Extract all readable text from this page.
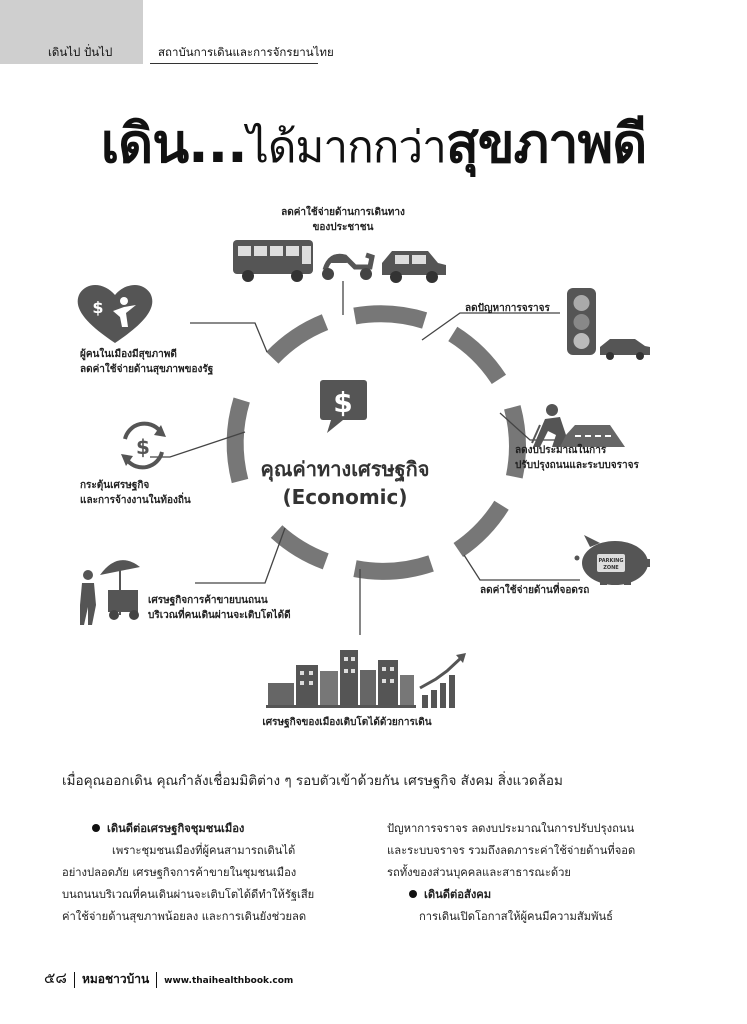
เดินไป ปั่นไป	สถาบันการเดินและการจักรยานไทย
เดิน...ได้มากกว่าสุขภาพดี
$
PARKING
ZONE
$
$
คุณค่าทางเศรษฐกิจ
(Economic)
ลดค่าใช้จ่ายด้านการเดินทาง
ของประชาชน
ลดปัญหาการจราจร
ลดงบประมาณในการ
ปรับปรุงถนนและระบบจราจร
ลดค่าใช้จ่ายด้านที่จอดรถ
เศรษฐกิจของเมืองเติบโตได้ด้วยการเดิน
เศรษฐกิจการค้าขายบนถนน
บริเวณที่คนเดินผ่านจะเติบโตได้ดี
กระตุ้นเศรษฐกิจ
และการจ้างงานในท้องถิ่น
ผู้คนในเมืองมีสุขภาพดี
ลดค่าใช้จ่ายด้านสุขภาพของรัฐ
เมื่อคุณออกเดิน คุณกำลังเชื่อมมิติต่าง ๆ รอบตัวเข้าด้วยกัน เศรษฐกิจ สังคม สิ่งแวดล้อม
เดินดีต่อเศรษฐกิจชุมชนเมือง
เพราะชุมชนเมืองที่ผู้คนสามารถเดินได้
อย่างปลอดภัย เศรษฐกิจการค้าขายในชุมชนเมือง
บนถนนบริเวณที่คนเดินผ่านจะเติบโตได้ดีทำให้รัฐเสีย
ค่าใช้จ่ายด้านสุขภาพน้อยลง และการเดินยังช่วยลด
ปัญหาการจราจร ลดงบประมาณในการปรับปรุงถนน
และระบบจราจร รวมถึงลดภาระค่าใช้จ่ายด้านที่จอด
รถทั้งของส่วนบุคคลและสาธารณะด้วย
เดินดีต่อสังคม
การเดินเปิดโอกาสให้ผู้คนมีความสัมพันธ์
๕๘ หมอชาวบ้าน www.thaihealthbook.com
